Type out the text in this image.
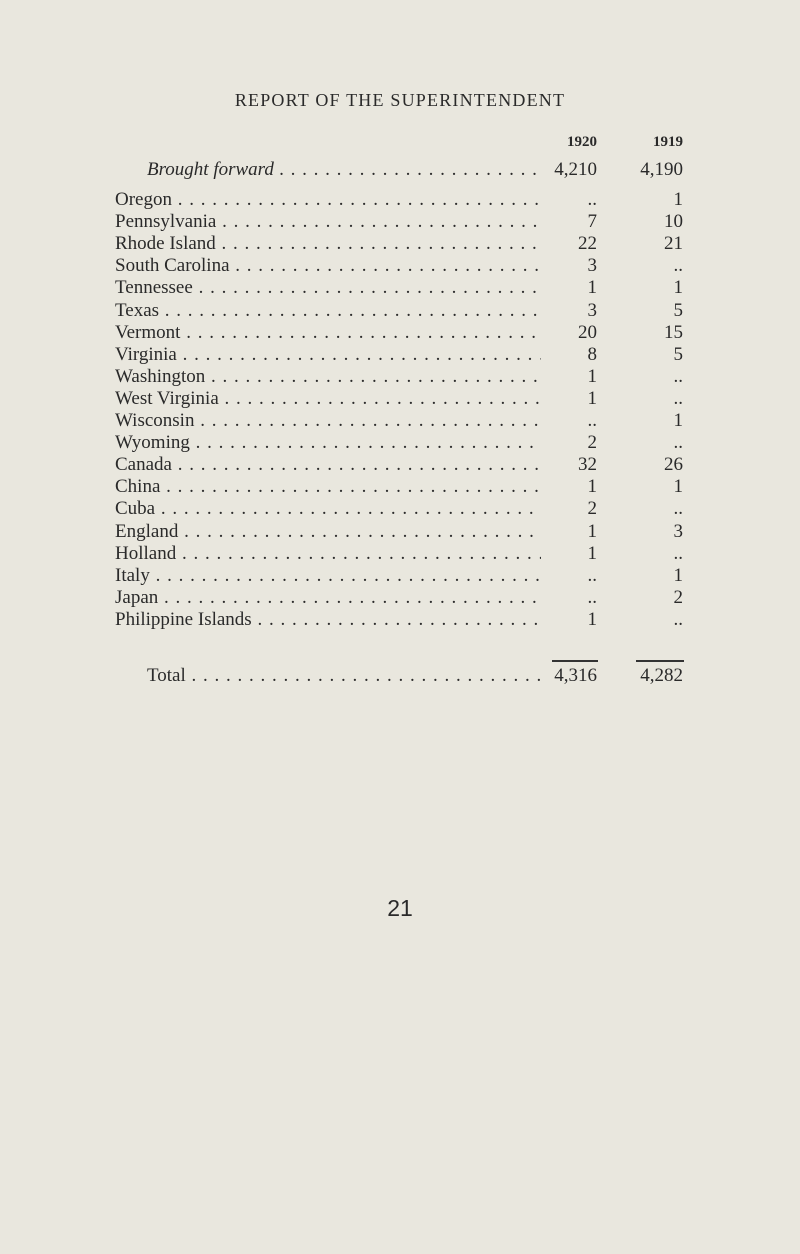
REPORT OF THE SUPERINTENDENT
1920	1919
Brought forward . . .	4,210	4,190
Oregon . . .	..	1
Pennsylvania . . .	7	10
Rhode Island . . .	22	21
South Carolina . . .	3	..
Tennessee . . .	1	1
Texas . . .	3	5
Vermont . . .	20	15
Virginia . . .	8	5
Washington . . .	1	..
West Virginia . . .	1	..
Wisconsin . . .	..	1
Wyoming . . .	2	..
Canada . . .	32	26
China . . .	1	1
Cuba . . .	2	..
England . . .	1	3
Holland . . .	1	..
Italy . . .	..	1
Japan . . .	..	2
Philippine Islands . . .	1	..
Total . . .	4,316	4,282
21
